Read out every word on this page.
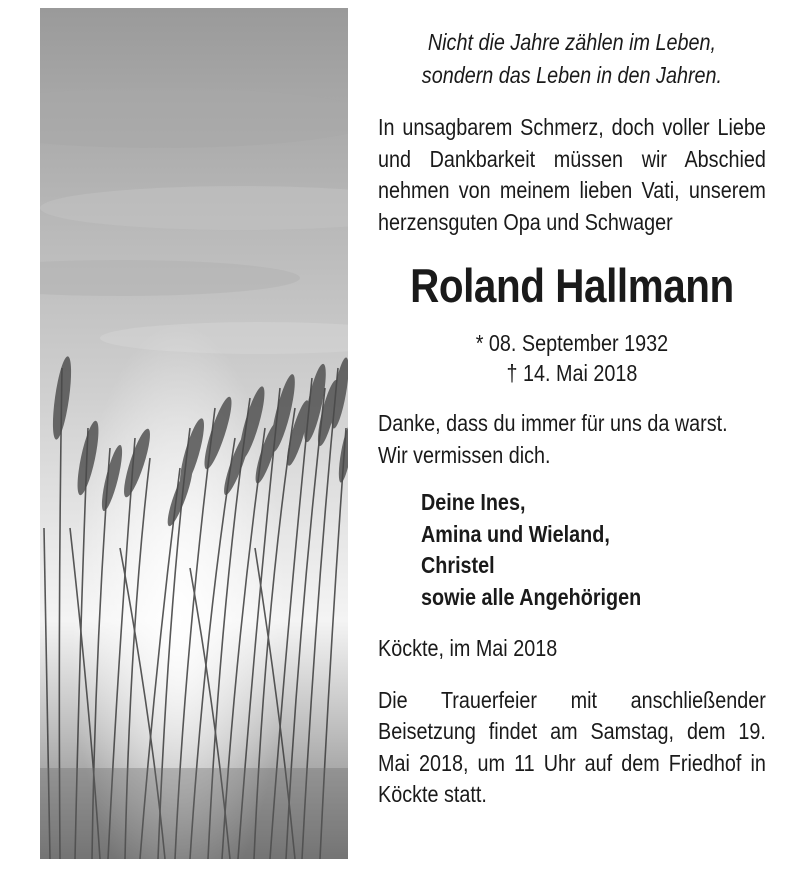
Nicht die Jahre zählen im Leben,
sondern das Leben in den Jahren.

In unsagbarem Schmerz, doch voller Liebe und Dankbarkeit müssen wir Abschied nehmen von meinem lieben Vati, unserem herzensguten Opa und Schwager

Roland Hallmann
* 08. September 1932
† 14. Mai 2018
Danke, dass du immer für uns da warst.
Wir vermissen dich.
Deine Ines,
Amina und Wieland,
Christel
sowie alle Angehörigen

Köckte, im Mai 2018

Die Trauerfeier mit anschließender Beisetzung findet am Samstag, dem 19. Mai 2018, um 11 Uhr auf dem Friedhof in Köckte statt.
